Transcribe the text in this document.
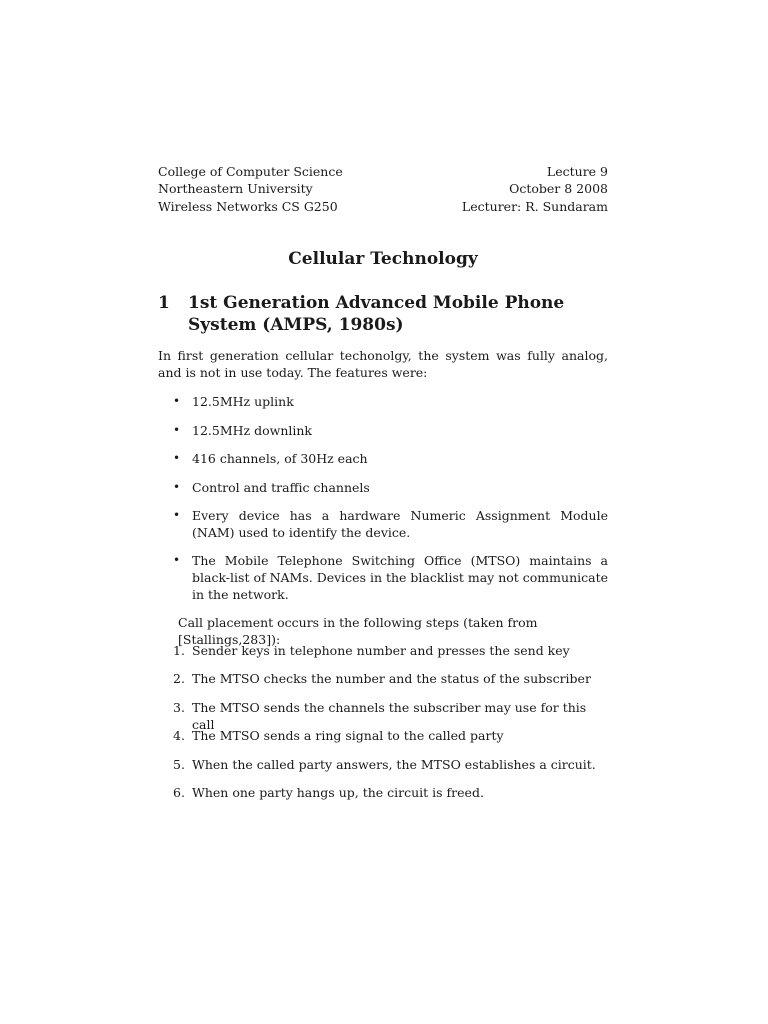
College of Computer Science
Northeastern University
Wireless Networks CS G250
Lecture 9
October 8 2008
Lecturer: R. Sundaram
Cellular Technology
1 1st Generation Advanced Mobile Phone System (AMPS, 1980s)
In first generation cellular techonolgy, the system was fully analog, and is not in use today. The features were:
• 12.5MHz uplink
• 12.5MHz downlink
• 416 channels, of 30Hz each
• Control and traffic channels
• Every device has a hardware Numeric Assignment Module (NAM) used to identify the device.
• The Mobile Telephone Switching Office (MTSO) maintains a black-list of NAMs. Devices in the blacklist may not communicate in the network.
Call placement occurs in the following steps (taken from [Stallings,283]):
1. Sender keys in telephone number and presses the send key
2. The MTSO checks the number and the status of the subscriber
3. The MTSO sends the channels the subscriber may use for this call
4. The MTSO sends a ring signal to the called party
5. When the called party answers, the MTSO establishes a circuit.
6. When one party hangs up, the circuit is freed.
